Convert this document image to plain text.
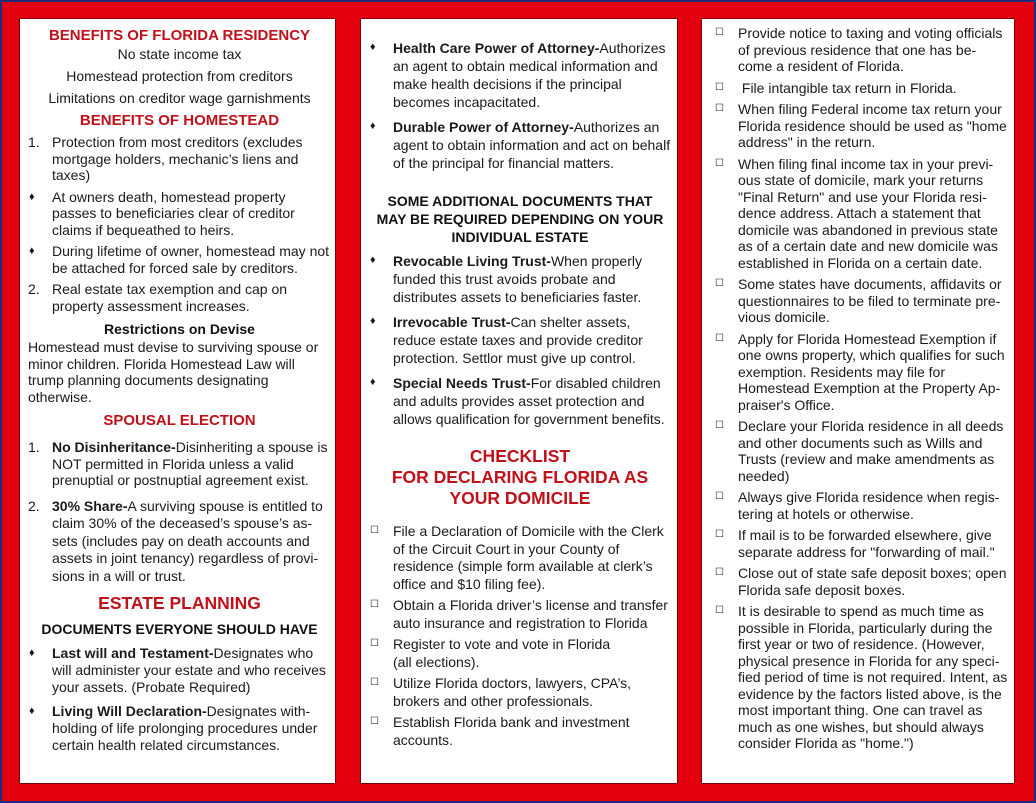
BENEFITS OF FLORIDA RESIDENCY
No state income tax
Homestead protection from creditors
Limitations on creditor wage garnishments
BENEFITS OF HOMESTEAD
1. Protection from most creditors (excludes mortgage holders, mechanic’s liens and taxes)
♦	At owners death, homestead property passes to beneficiaries clear of creditor claims if bequeathed to heirs.
♦	During lifetime of owner, homestead may not be attached for forced sale by creditors.
2. Real estate tax exemption and cap on property assessment increases.
Restrictions on Devise
Homestead must devise to surviving spouse or minor children. Florida Homestead Law will trump planning documents designating otherwise.
SPOUSAL ELECTION
1. No Disinheritance-Disinheriting a spouse is NOT permitted in Florida unless a valid prenuptial or postnuptial agreement exist.
2. 30% Share-A surviving spouse is entitled to claim 30% of the deceased’s spouse’s as-sets (includes pay on death accounts and assets in joint tenancy) regardless of provi-sions in a will or trust.
ESTATE PLANNING
DOCUMENTS EVERYONE SHOULD HAVE
♦	Last will and Testament-Designates who will administer your estate and who receives your assets. (Probate Required)
♦	Living Will Declaration-Designates with-holding of life prolonging procedures under certain health related circumstances.
♦	Health Care Power of Attorney-Authorizes an agent to obtain medical information and make health decisions if the principal becomes incapacitated.
♦	Durable Power of Attorney-Authorizes an agent to obtain information and act on behalf of the principal for financial matters.
SOME ADDITIONAL DOCUMENTS THAT MAY BE REQUIRED DEPENDING ON YOUR INDIVIDUAL ESTATE
♦	Revocable Living Trust-When properly funded this trust avoids probate and distributes assets to beneficiaries faster.
♦	Irrevocable Trust-Can shelter assets, reduce estate taxes and provide creditor protection. Settlor must give up control.
♦	Special Needs Trust-For disabled children and adults provides asset protection and allows qualification for government benefits.
CHECKLIST
FOR DECLARING FLORIDA AS
YOUR DOMICILE
☐	File a Declaration of Domicile with the Clerk of the Circuit Court in your County of residence (simple form available at clerk’s office and $10 filing fee).
☐	Obtain a Florida driver’s license and transfer auto insurance and registration to Florida
☐	Register to vote and vote in Florida
(all elections).
☐	Utilize Florida doctors, lawyers, CPA’s, brokers and other professionals.
☐	Establish Florida bank and investment accounts.
☐	Provide notice to taxing and voting officials of previous residence that one has be-come a resident of Florida.
☐	File intangible tax return in Florida.
☐	When filing Federal income tax return your Florida residence should be used as "home address" in the return.
☐	When filing final income tax in your previ-ous state of domicile, mark your returns "Final Return" and use your Florida resi-dence address. Attach a statement that domicile was abandoned in previous state as of a certain date and new domicile was established in Florida on a certain date.
☐	Some states have documents, affidavits or questionnaires to be filed to terminate pre-vious domicile.
☐	Apply for Florida Homestead Exemption if one owns property, which qualifies for such exemption. Residents may file for Homestead Exemption at the Property Ap-praiser's Office.
☐	Declare your Florida residence in all deeds and other documents such as Wills and Trusts (review and make amendments as needed)
☐	Always give Florida residence when regis-tering at hotels or otherwise.
☐	If mail is to be forwarded elsewhere, give separate address for "forwarding of mail."
☐	Close out of state safe deposit boxes; open Florida safe deposit boxes.
☐	It is desirable to spend as much time as possible in Florida, particularly during the first year or two of residence. (However, physical presence in Florida for any speci-fied period of time is not required. Intent, as evidence by the factors listed above, is the most important thing. One can travel as much as one wishes, but should always consider Florida as "home.")
